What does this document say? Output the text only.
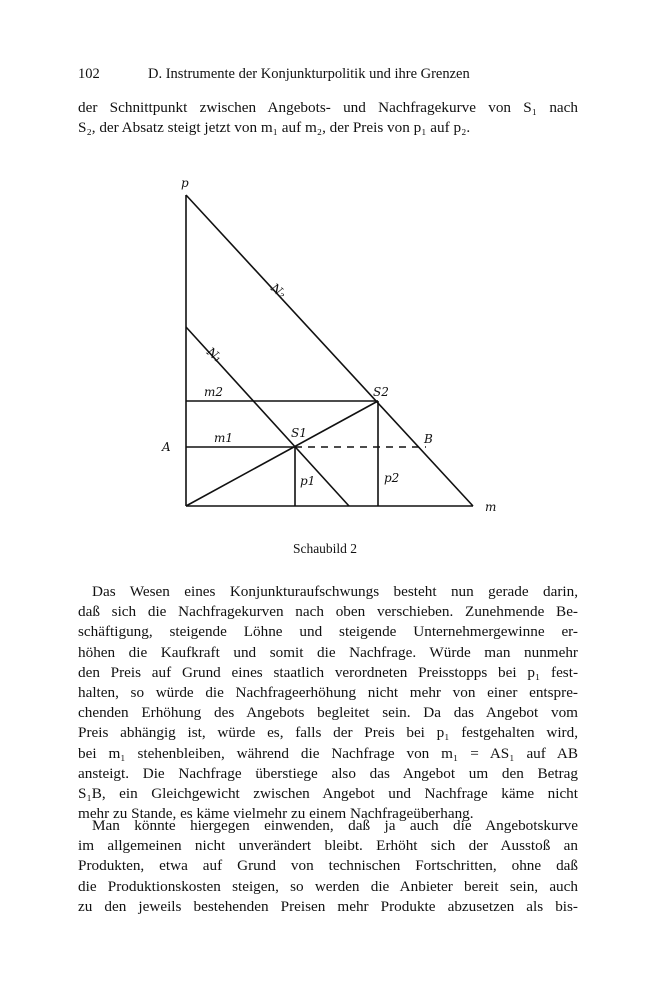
102	D. Instrumente der Konjunkturpolitik und ihre Grenzen
der Schnittpunkt zwischen Angebots- und Nachfragekurve von S₁ nach
S₂, der Absatz steigt jetzt von m₁ auf m₂, der Preis von p₁ auf p₂.
p
m
N₂
N₁
m2
m1
A
B
S2
S1
p1	p2
Schaubild 2
Das Wesen eines Konjunkturaufschwungs besteht nun gerade darin,
daß sich die Nachfragekurven nach oben verschieben. Zunehmende Be-
schäftigung, steigende Löhne und steigende Unternehmergewinne er-
höhen die Kaufkraft und somit die Nachfrage. Würde man nunmehr
den Preis auf Grund eines staatlich verordneten Preisstopps bei p₁ fest-
halten, so würde die Nachfrageerhöhung nicht mehr von einer entspre-
chenden Erhöhung des Angebots begleitet sein. Da das Angebot vom
Preis abhängig ist, würde es, falls der Preis bei p₁ festgehalten wird,
bei m₁ stehenbleiben, während die Nachfrage von m₁ = AS₁ auf AB
ansteigt. Die Nachfrage überstiege also das Angebot um den Betrag
S₁B, ein Gleichgewicht zwischen Angebot und Nachfrage käme nicht
mehr zu Stande, es käme vielmehr zu einem Nachfrageüberhang.
Man könnte hiergegen einwenden, daß ja auch die Angebotskurve
im allgemeinen nicht unverändert bleibt. Erhöht sich der Ausstoß an
Produkten, etwa auf Grund von technischen Fortschritten, ohne daß
die Produktionskosten steigen, so werden die Anbieter bereit sein, auch
zu den jeweils bestehenden Preisen mehr Produkte abzusetzen als bis-
